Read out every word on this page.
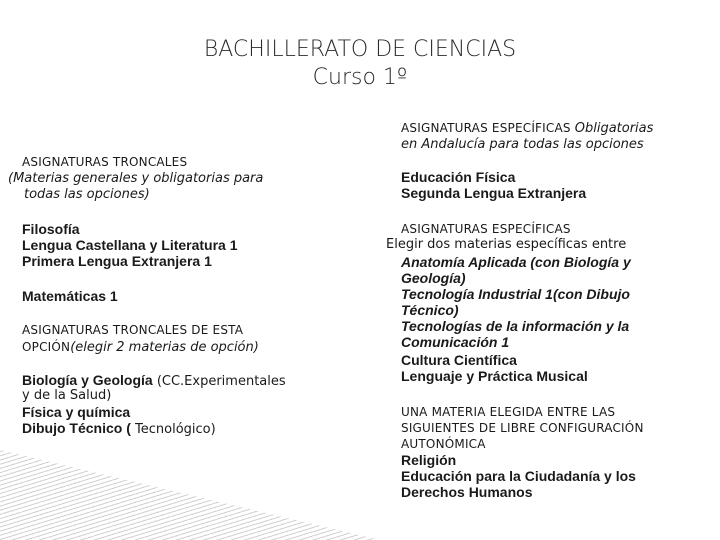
BACHILLERATO DE CIENCIAS
Curso 1º
ASIGNATURAS TRONCALES
(Materias generales y obligatorias para
todas las opciones)
Filosofía
Lengua Castellana y Literatura 1
Primera Lengua Extranjera 1
Matemáticas 1
ASIGNATURAS TRONCALES DE ESTA
OPCIÓN(elegir 2 materias de opción)
Biología y Geología (CC.Experimentales
y de la Salud)
Física y química
Dibujo Técnico ( Tecnológico)
ASIGNATURAS ESPECÍFICAS Obligatorias
en Andalucía para todas las opciones
Educación Física
Segunda Lengua Extranjera
ASIGNATURAS ESPECÍFICAS
Elegir dos materias específicas entre
Anatomía Aplicada (con Biología y
Geología)
Tecnología Industrial 1(con Dibujo
Técnico)
Tecnologías de la información y la
Comunicación 1
Cultura Científica
Lenguaje y Práctica Musical
UNA MATERIA ELEGIDA ENTRE LAS
SIGUIENTES DE LIBRE CONFIGURACIÓN
AUTONÓMICA
Religión
Educación para la Ciudadanía y los
Derechos Humanos
